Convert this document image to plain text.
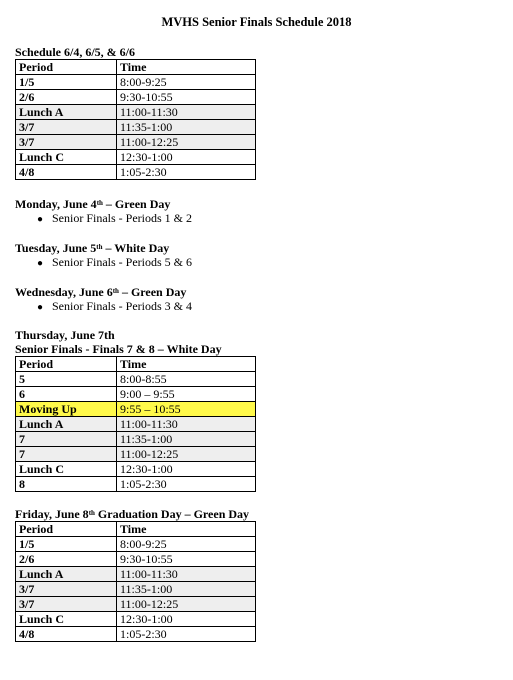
MVHS Senior Finals Schedule 2018
Schedule 6/4, 6/5, & 6/6
Period	Time
1/5	8:00-9:25
2/6	9:30-10:55
Lunch A	11:00-11:30
3/7	11:35-1:00
3/7	11:00-12:25
Lunch C	12:30-1:00
4/8	1:05-2:30
Monday, June 4th – Green Day
● Senior Finals - Periods 1 & 2
Tuesday, June 5th – White Day
● Senior Finals - Periods 5 & 6
Wednesday, June 6th – Green Day
● Senior Finals - Periods 3 & 4
Thursday, June 7th
Senior Finals - Finals 7 & 8 – White Day
Period	Time
5	8:00-8:55
6	9:00 – 9:55
Moving Up	9:55 – 10:55
Lunch A	11:00-11:30
7	11:35-1:00
7	11:00-12:25
Lunch C	12:30-1:00
8	1:05-2:30
Friday, June 8th Graduation Day – Green Day
Period	Time
1/5	8:00-9:25
2/6	9:30-10:55
Lunch A	11:00-11:30
3/7	11:35-1:00
3/7	11:00-12:25
Lunch C	12:30-1:00
4/8	1:05-2:30
